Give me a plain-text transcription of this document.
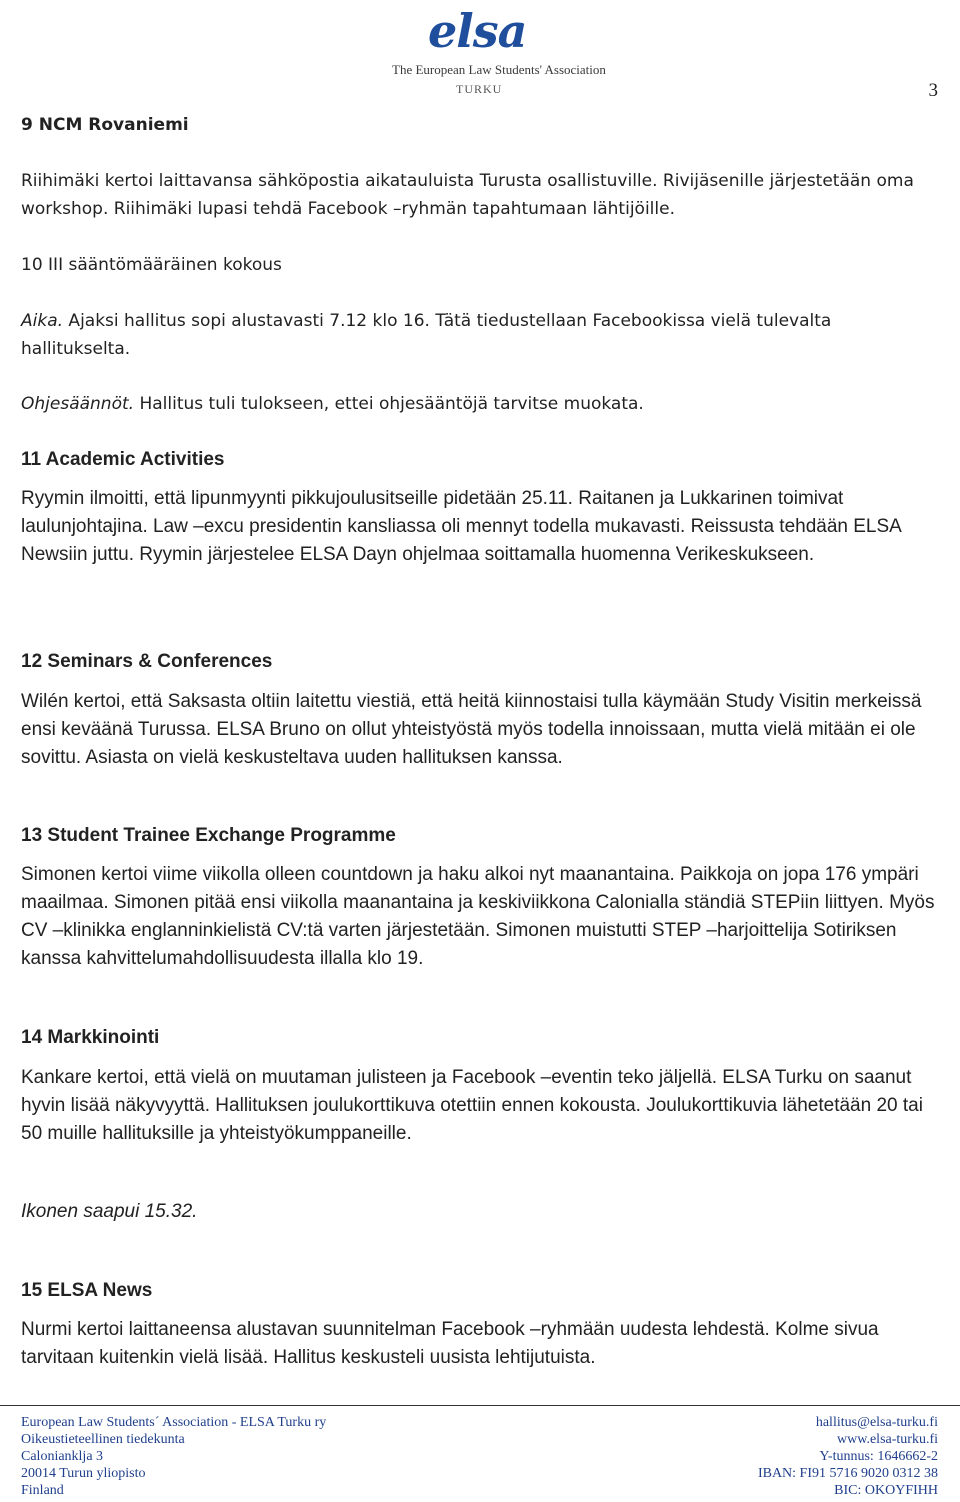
elsa
The European Law Students' Association
TURKU	3
9 NCM Rovaniemi
Riihimäki kertoi laittavansa sähköpostia aikatauluista Turusta osallistuville. Rivijäsenille järjestetään oma workshop. Riihimäki lupasi tehdä Facebook –ryhmän tapahtumaan lähtijöille.
10 III sääntömääräinen kokous
Aika. Ajaksi hallitus sopi alustavasti 7.12 klo 16. Tätä tiedustellaan Facebookissa vielä tulevalta hallitukselta.
Ohjesäännöt. Hallitus tuli tulokseen, ettei ohjesääntöjä tarvitse muokata.
11 Academic Activities
Ryymin ilmoitti, että lipunmyynti pikkujoulusitseille pidetään 25.11. Raitanen ja Lukkarinen toimivat laulunjohtajina. Law –excu presidentin kansliassa oli mennyt todella mukavasti. Reissusta tehdään ELSA Newsiin juttu. Ryymin järjestelee ELSA Dayn ohjelmaa soittamalla huomenna Verikeskukseen.
12 Seminars & Conferences
Wilén kertoi, että Saksasta oltiin laitettu viestiä, että heitä kiinnostaisi tulla käymään Study Visitin merkeissä ensi keväänä Turussa. ELSA Bruno on ollut yhteistyöstä myös todella innoissaan, mutta vielä mitään ei ole sovittu. Asiasta on vielä keskusteltava uuden hallituksen kanssa.
13 Student Trainee Exchange Programme
Simonen kertoi viime viikolla olleen countdown ja haku alkoi nyt maanantaina. Paikkoja on jopa 176 ympäri maailmaa. Simonen pitää ensi viikolla maanantaina ja keskiviikkona Calonialla ständiä STEPiin liittyen. Myös CV –klinikka englanninkielistä CV:tä varten järjestetään. Simonen muistutti STEP –harjoittelija Sotiriksen kanssa kahvittelumahdollisuudesta illalla klo 19.
14 Markkinointi
Kankare kertoi, että vielä on muutaman julisteen ja Facebook –eventin teko jäljellä. ELSA Turku on saanut hyvin lisää näkyvyyttä. Hallituksen joulukorttikuva otettiin ennen kokousta. Joulukorttikuvia lähetetään 20 tai 50 muille hallituksille ja yhteistyökumppaneille.
Ikonen saapui 15.32.
15 ELSA News
Nurmi kertoi laittaneensa alustavan suunnitelman Facebook –ryhmään uudesta lehdestä. Kolme sivua tarvitaan kuitenkin vielä lisää. Hallitus keskusteli uusista lehtijutuista.
European Law Students´ Association - ELSA Turku ry
Oikeustieteellinen tiedekunta
Calonianklja 3
20014 Turun yliopisto
Finland
hallitus@elsa-turku.fi
www.elsa-turku.fi
Y-tunnus: 1646662-2
IBAN: FI91 5716 9020 0312 38
BIC: OKOYFIHH
